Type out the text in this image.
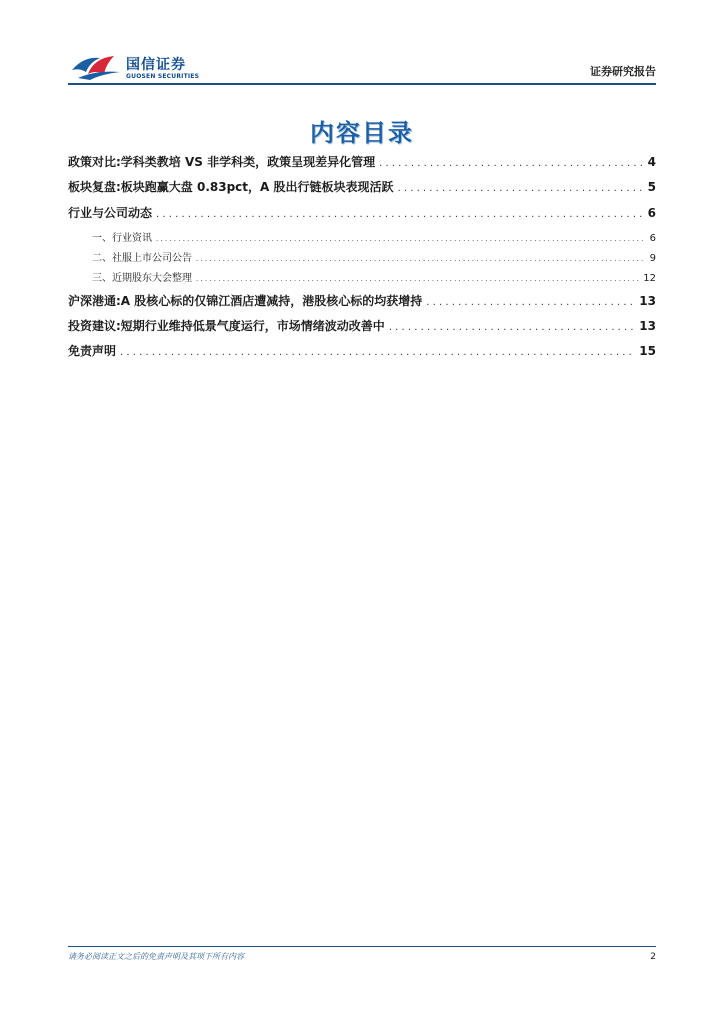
国信证券
GUOSEN SECURITIES	证券研究报告
内容目录
政策对比:学科类教培 VS 非学科类，政策呈现差异化管理 . . .	4
板块复盘:板块跑赢大盘 0.83pct，A 股出行链板块表现活跃 . . .	5
行业与公司动态 . . .	6
一、行业资讯 . . .	6
二、社服上市公司公告 . . .	9
三、近期股东大会整理 . . .	12
沪深港通:A 股核心标的仅锦江酒店遭减持，港股核心标的均获增持 . . .	13
投资建议:短期行业维持低景气度运行，市场情绪波动改善中 . . .	13
免责声明 . . .	15
请务必阅读正文之后的免责声明及其项下所有内容	2
